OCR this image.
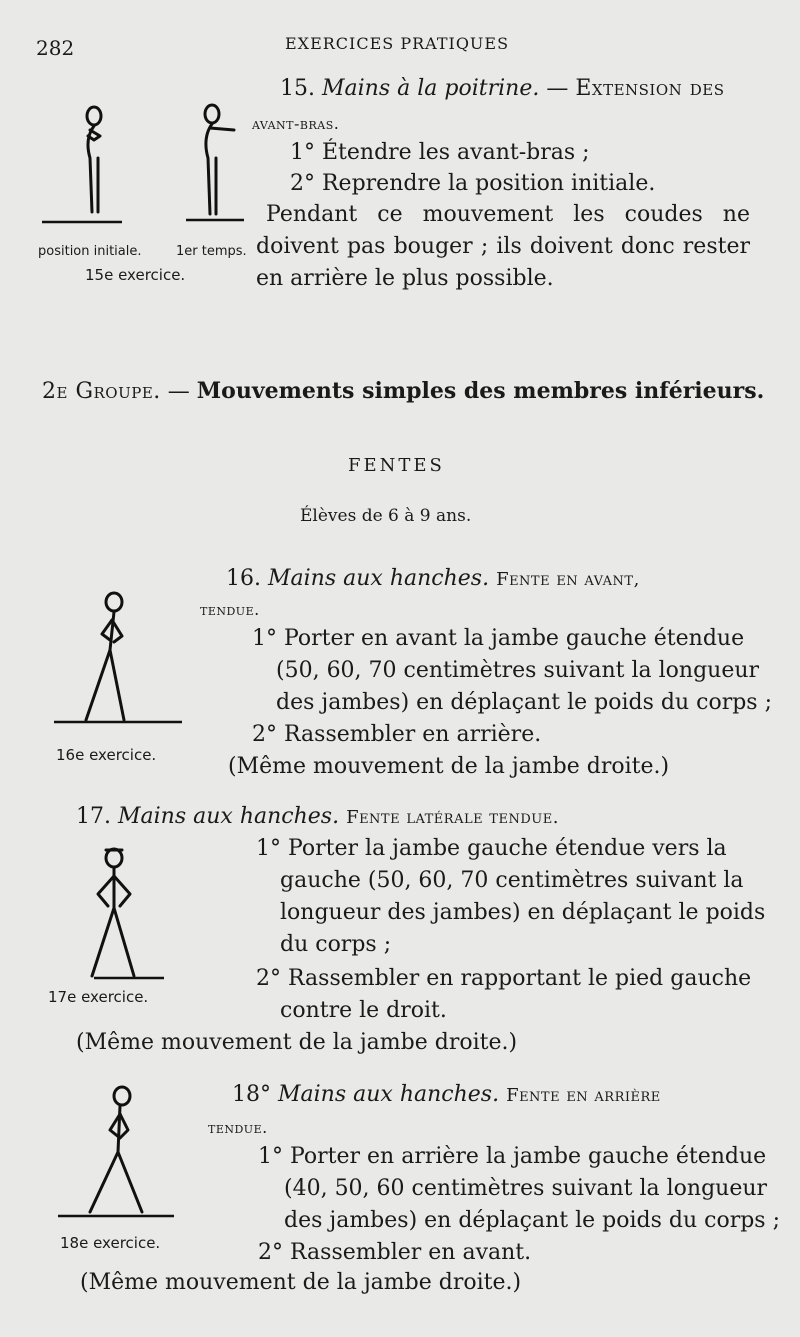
282	EXERCICES PRATIQUES
15. Mains à la poitrine. — Extension des
avant-bras.
1° Étendre les avant-bras ;
2° Reprendre la position initiale.
Pendant ce mouvement les coudes ne
doivent pas bouger ; ils doivent donc rester
en arrière le plus possible.
position initiale.	1er temps.
15e exercice.
2e Groupe. — Mouvements simples des membres inférieurs.
FENTES
Élèves de 6 à 9 ans.
16. Mains aux hanches. Fente en avant,
tendue.
1° Porter en avant la jambe gauche étendue
(50, 60, 70 centimètres suivant la longueur
des jambes) en déplaçant le poids du corps ;
2° Rassembler en arrière.
(Même mouvement de la jambe droite.)
16e exercice.
17. Mains aux hanches. Fente latérale tendue.
1° Porter la jambe gauche étendue vers la
gauche (50, 60, 70 centimètres suivant la
longueur des jambes) en déplaçant le poids
du corps ;
2° Rassembler en rapportant le pied gauche
contre le droit.
(Même mouvement de la jambe droite.)
17e exercice.
18° Mains aux hanches. Fente en arrière
tendue.
1° Porter en arrière la jambe gauche étendue
(40, 50, 60 centimètres suivant la longueur
des jambes) en déplaçant le poids du corps ;
2° Rassembler en avant.
(Même mouvement de la jambe droite.)
18e exercice.
